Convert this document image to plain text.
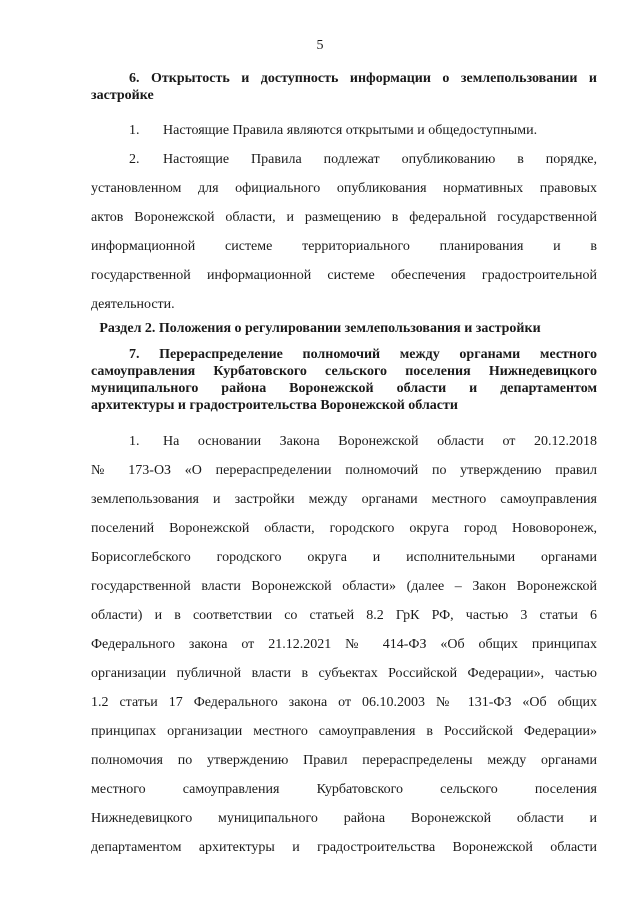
5
6. Открытость и доступность информации о землепользовании и
застройке
1. Настоящие Правила являются открытыми и общедоступными.
2. Настоящие Правила подлежат опубликованию в порядке,
установленном для официального опубликования нормативных правовых
актов Воронежской области, и размещению в федеральной государственной
информационной системе территориального планирования и в
государственной информационной системе обеспечения градостроительной
деятельности.
Раздел 2. Положения о регулировании землепользования и застройки
7. Перераспределение полномочий между органами местного
самоуправления Курбатовского сельского поселения Нижнедевицкого
муниципального района Воронежской области и департаментом
архитектуры и градостроительства Воронежской области
1. На основании Закона Воронежской области от 20.12.2018
№ 173-ОЗ «О перераспределении полномочий по утверждению правил
землепользования и застройки между органами местного самоуправления
поселений Воронежской области, городского округа город Нововоронеж,
Борисоглебского городского округа и исполнительными органами
государственной власти Воронежской области» (далее – Закон Воронежской
области) и в соответствии со статьей 8.2 ГрК РФ, частью 3 статьи 6
Федерального закона от 21.12.2021 № 414-ФЗ «Об общих принципах
организации публичной власти в субъектах Российской Федерации», частью
1.2 статьи 17 Федерального закона от 06.10.2003 № 131-ФЗ «Об общих
принципах организации местного самоуправления в Российской Федерации»
полномочия по утверждению Правил перераспределены между органами
местного самоуправления Курбатовского сельского поселения
Нижнедевицкого муниципального района Воронежской области и
департаментом архитектуры и градостроительства Воронежской области
